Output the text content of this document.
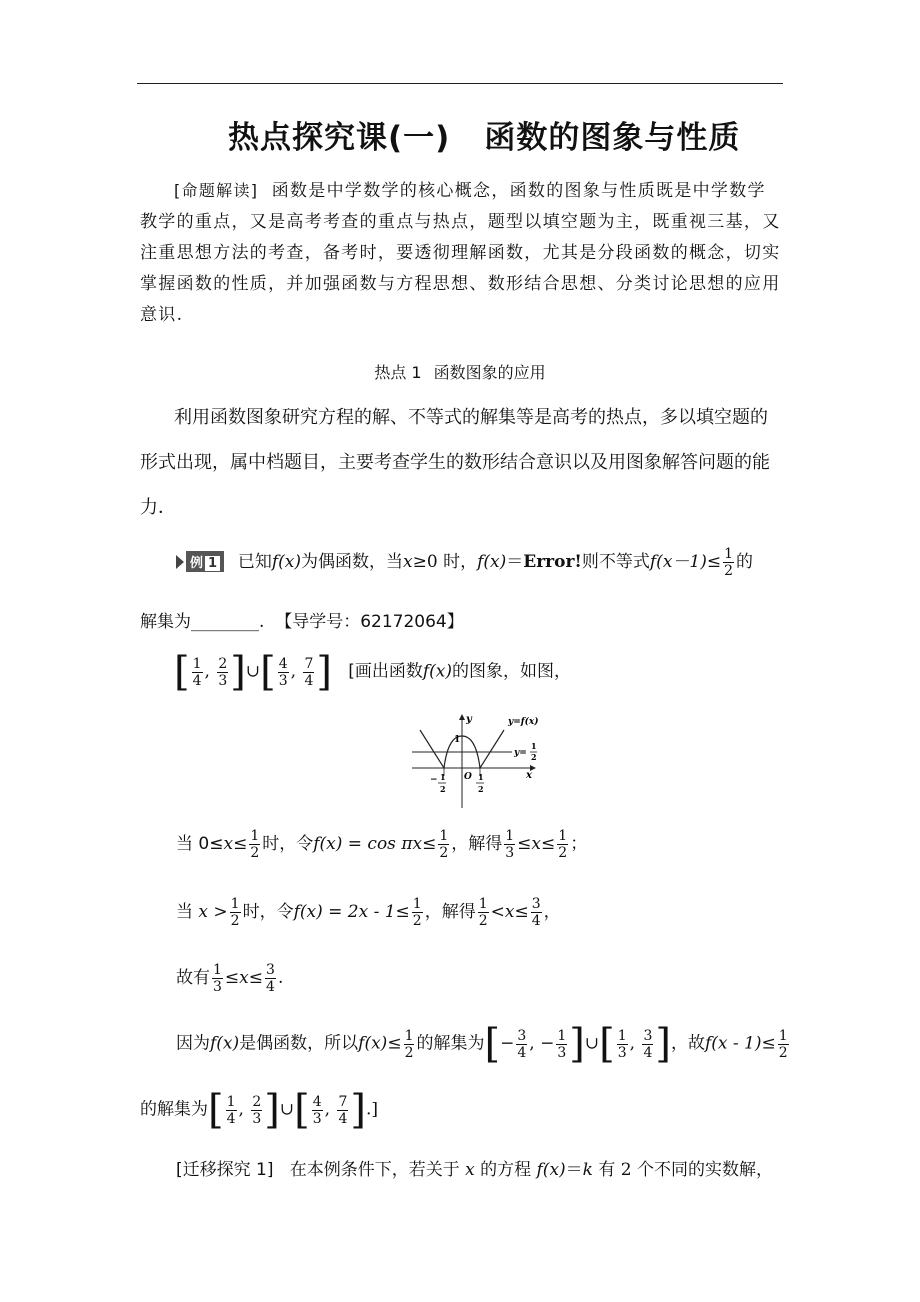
热点探究课(一) 函数的图象与性质
[命题解读] 函数是中学数学的核心概念，函数的图象与性质既是中学数学教学的重点，又是高考考查的重点与热点，题型以填空题为主，既重视三基，又注重思想方法的考查，备考时，要透彻理解函数，尤其是分段函数的概念，切实掌握函数的性质，并加强函数与方程思想、数形结合思想、分类讨论思想的应用意识.
热点 1 函数图象的应用
利用函数图象研究方程的解、不等式的解集等是高考的热点，多以填空题的形式出现，属中档题目，主要考查学生的数形结合意识以及用图象解答问题的能力．
例 1 已知f(x)为偶函数，当x≥0 时，f(x)＝Error!则不等式$f(x-1)\le \frac{1}{2}$ 的
解集为________. 【导学号：62172064】
[ $\frac{1}{4}$ , $\frac{2}{3}$ ]∪[ $\frac{4}{3}$ , $\frac{7}{4}$ ] [画出函数f(x)的图象，如图，
y
x
y=f(x)
y=
1
2
1
O
− 1
2
1
2
当 $0\le x\le \frac{1}{2}$ 时，令$f(x) = \cos \pi x\le \frac{1}{2}$ ，解得 $\frac{1}{3} \le x\le \frac{1}{2}$ ；
当 $x > \frac{1}{2}$ 时，令$f(x) = 2x - 1\le \frac{1}{2}$ ，解得 $\frac{1}{2} <x\le \frac{3}{4}$ ，
故有 $\frac{1}{3} \le x\le \frac{3}{4}$ .
因为f(x)是偶函数，所以$f(x)\le \frac{1}{2}$ 的解集为[− $\frac{3}{4}$ , − $\frac{1}{3}$ ]∪[ $\frac{1}{3}$ , $\frac{3}{4}$ ]，故$f(x - 1)\le \frac{1}{2}$
的解集为[ $\frac{1}{4}$ , $\frac{2}{3}$ ]∪[ $\frac{4}{3}$ , $\frac{7}{4}$ ].]
[迁移探究 1] 在本例条件下，若关于 x 的方程 f(x)＝k 有 2 个不同的实数解，
